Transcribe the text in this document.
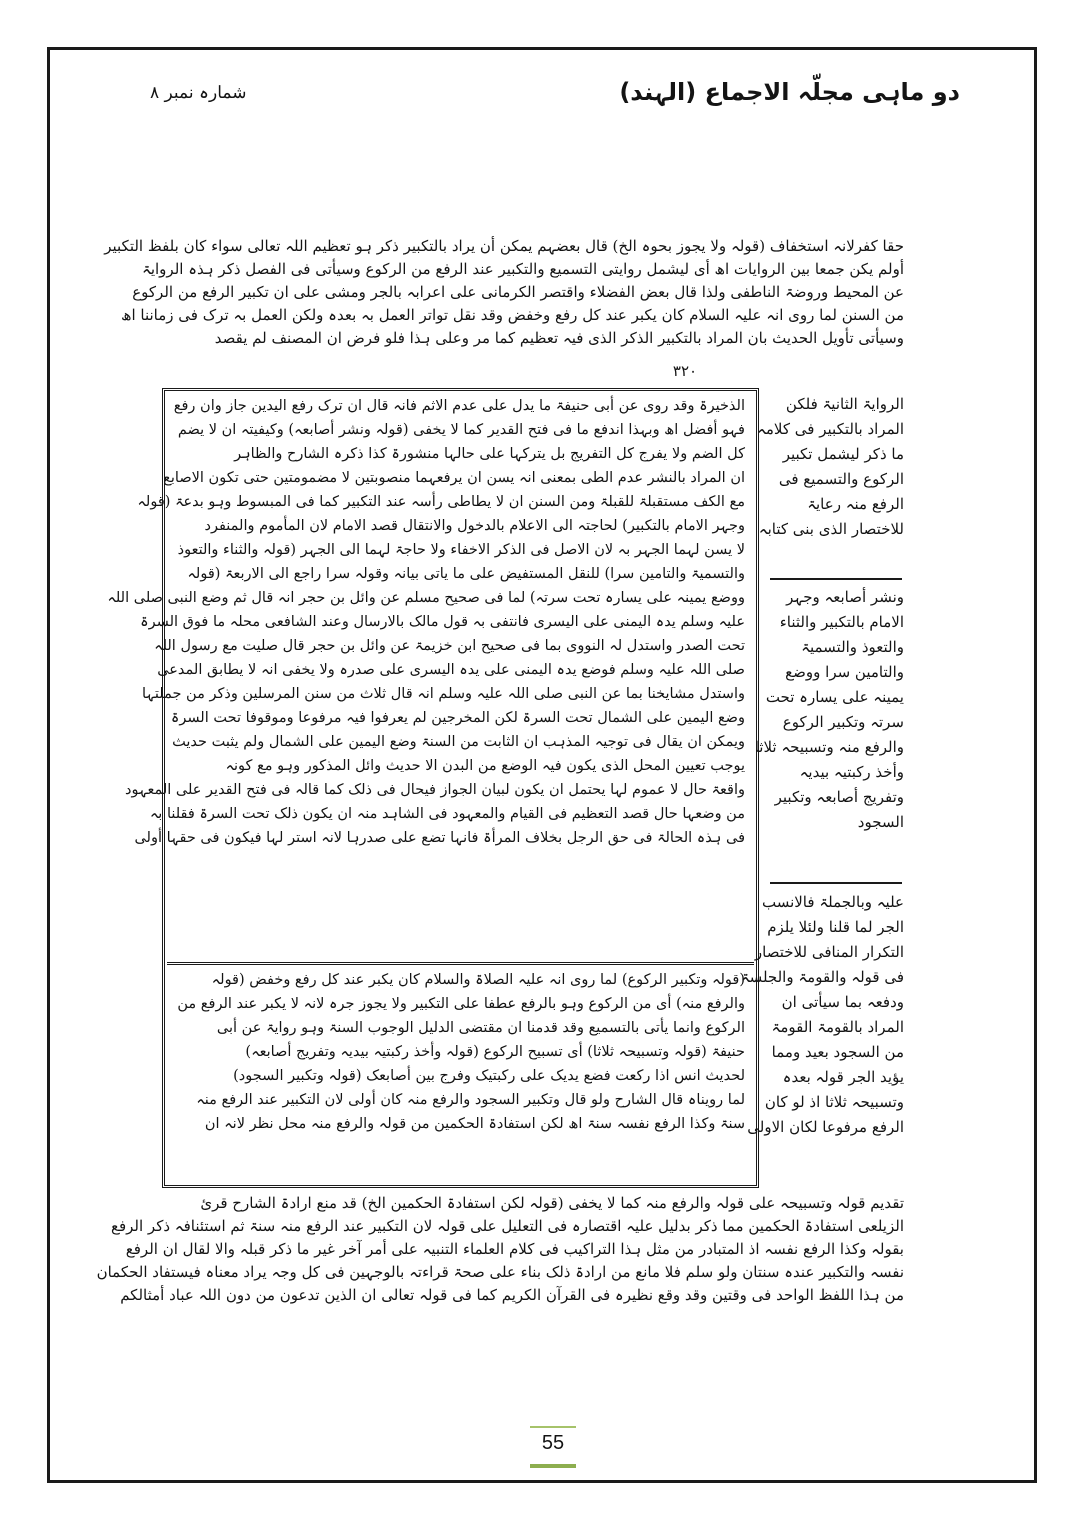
دو ماہی مجلّہ الاجماع (الہند)
شمارہ نمبر ۸
حقا کفرلانہ استخفاف (قولہ ولا یجوز بحوہ الخ) قال بعضہم یمکن أن یراد بالتکبیر ذکر ہو تعظیم اللہ تعالی سواء کان بلفظ التکبیر
أولم یکن جمعا بین الروایات اھ أی لیشمل روایتی التسمیع والتکبیر عند الرفع من الرکوع وسیأتی فی الفصل ذکر ہذہ الروایۃ
عن المحیط وروضۃ الناطفی ولذا قال بعض الفضلاء واقتصر الکرمانی علی اعرابہ بالجر ومشی علی ان تکبیر الرفع من الرکوع
من السنن لما روی انہ علیہ السلام کان یکبر عند کل رفع وخفض وقد نقل تواتر العمل بہ بعدہ ولکن العمل بہ ترک فی زماننا اھ
وسیأتی تأویل الحدیث بان المراد بالتکبیر الذکر الذی فیہ تعظیم کما مر وعلی ہذا فلو فرض ان المصنف لم یقصد
۳۲۰
الذخیرۃ وقد روی عن أبی حنیفۃ ما یدل علی عدم الاثم فانہ قال ان ترک رفع الیدین جاز وان رفع
فہو أفضل اھ وبہذا اندفع ما فی فتح القدیر کما لا یخفی (قولہ ونشر أصابعہ) وکیفیتہ ان لا یضم
کل الضم ولا یفرج کل التفریج بل یترکہا علی حالہا منشورۃ کذا ذکرہ الشارح والظاہر
ان المراد بالنشر عدم الطی بمعنی انہ یسن ان یرفعہما منصوبتین لا مضمومتین حتی تکون الاصابع
مع الکف مستقبلۃ للقبلۃ ومن السنن ان لا یطاطی رأسہ عند التکبیر کما فی المبسوط وہو بدعۃ (قولہ
وجہر الامام بالتکبیر) لحاجتہ الی الاعلام بالدخول والانتقال قصد الامام لان المأموم والمنفرد
لا یسن لہما الجہر بہ لان الاصل فی الذکر الاخفاء ولا حاجۃ لہما الی الجہر (قولہ والثناء والتعوذ
والتسمیۃ والتامین سرا) للنقل المستفیض علی ما یاتی بیانہ وقولہ سرا راجع الی الاربعۃ (قولہ
ووضع یمینہ علی یسارہ تحت سرتہ) لما فی صحیح مسلم عن وائل بن حجر انہ قال ثم وضع النبی صلی اللہ
علیہ وسلم یدہ الیمنی علی الیسری فانتفی بہ قول مالک بالارسال وعند الشافعی محلہ ما فوق السرۃ
تحت الصدر واستدل لہ النووی بما فی صحیح ابن خزیمۃ عن وائل بن حجر قال صلیت مع رسول اللہ
صلی اللہ علیہ وسلم فوضع یدہ الیمنی علی یدہ الیسری علی صدرہ ولا یخفی انہ لا یطابق المدعی
واستدل مشایخنا بما عن النبی صلی اللہ علیہ وسلم انہ قال ثلاث من سنن المرسلین وذکر من جملتہا
وضع الیمین علی الشمال تحت السرۃ لکن المخرجین لم یعرفوا فیہ مرفوعا وموقوفا تحت السرۃ
ویمکن ان یقال فی توجیہ المذہب ان الثابت من السنۃ وضع الیمین علی الشمال ولم یثبت حدیث
یوجب تعیین المحل الذی یکون فیہ الوضع من البدن الا حدیث وائل المذکور وہو مع کونہ
واقعۃ حال لا عموم لہا یحتمل ان یکون لبیان الجواز فیحال فی ذلک کما قالہ فی فتح القدیر علی المعہود
من وضعہا حال قصد التعظیم فی القیام والمعہود فی الشاہد منہ ان یکون ذلک تحت السرۃ فقلنا بہ
فی ہذہ الحالۃ فی حق الرجل بخلاف المرأۃ فانہا تضع علی صدرہا لانہ استر لہا فیکون فی حقہا أولی
(قولہ وتکبیر الرکوع) لما روی انہ علیہ الصلاۃ والسلام کان یکبر عند کل رفع وخفض (قولہ
والرفع منہ) أی من الرکوع وہو بالرفع عطفا علی التکبیر ولا یجوز جرہ لانہ لا یکبر عند الرفع من
الرکوع وانما یأتی بالتسمیع وقد قدمنا ان مقتضی الدلیل الوجوب السنۃ وہو روایۃ عن أبی
حنیفۃ (قولہ وتسبیحہ ثلاثا) أی تسبیح الرکوع (قولہ وأخذ رکبتیہ بیدیہ وتفریج أصابعہ)
لحدیث انس اذا رکعت فضع یدیک علی رکبتیک وفرج بین أصابعک (قولہ وتکبیر السجود)
لما رویناہ قال الشارح ولو قال وتکبیر السجود والرفع منہ کان أولی لان التکبیر عند الرفع منہ
سنۃ وکذا الرفع نفسہ سنۃ اھ لکن استفادۃ الحکمین من قولہ والرفع منہ محل نظر لانہ ان
الروایۃ الثانیۃ فلکن
المراد بالتکبیر فی کلامہ
ما ذکر لیشمل تکبیر
الرکوع والتسمیع فی
الرفع منہ رعایۃ
للاختصار الذی بنی کتابہ
ونشر أصابعہ وجہر
الامام بالتکبیر والثناء
والتعوذ والتسمیۃ
والتامین سرا ووضع
یمینہ علی یسارہ تحت
سرتہ وتکبیر الرکوع
والرفع منہ وتسبیحہ ثلاثا
وأخذ رکبتیہ بیدیہ
وتفریج أصابعہ وتکبیر
السجود
علیہ وبالجملۃ فالانسب
الجر لما قلنا ولئلا یلزم
التکرار المنافی للاختصار
فی قولہ والقومۃ والجلسۃ
ودفعہ بما سیأتی ان
المراد بالقومۃ القومۃ
من السجود بعید ومما
یؤید الجر قولہ بعدہ
وتسبیحہ ثلاثا اذ لو کان
الرفع مرفوعا لکان الاولی
تقدیم قولہ وتسبیحہ علی قولہ والرفع منہ کما لا یخفی (قولہ لکن استفادۃ الحکمین الخ) قد منع ارادۃ الشارح قرئ
الزیلعی استفادۃ الحکمین مما ذکر بدلیل علیہ اقتصارہ فی التعلیل علی قولہ لان التکبیر عند الرفع منہ سنۃ ثم استئنافہ ذکر الرفع
بقولہ وکذا الرفع نفسہ اذ المتبادر من مثل ہذا التراکیب فی کلام العلماء التنبیہ علی أمر آخر غیر ما ذکر قبلہ والا لقال ان الرفع
نفسہ والتکبیر عندہ سنتان ولو سلم فلا مانع من ارادۃ ذلک بناء علی صحۃ قراءتہ بالوجہین فی کل وجہ یراد معناہ فیستفاد الحکمان
من ہذا اللفظ الواحد فی وقتین وقد وقع نظیرہ فی القرآن الکریم کما فی قولہ تعالی ان الذین تدعون من دون اللہ عباد أمثالکم
55
